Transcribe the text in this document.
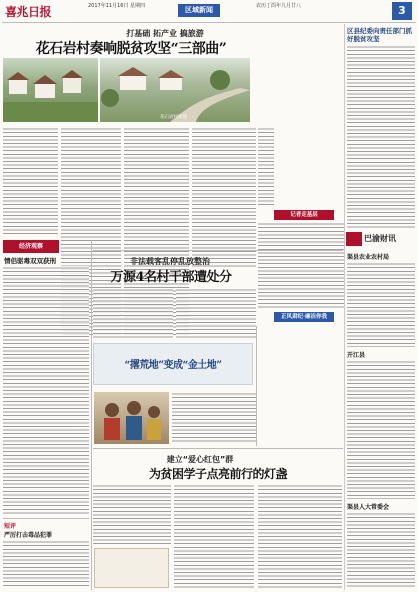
喜兆日报	2017年11月16日 星期四	区域新闻	农历丁酉年九月廿八	3
打基础 拓产业 搞旅游
花石岩村奏响脱贫攻坚“三部曲”
花石岩村新貌
经济观察
情侣驱毒双双获刑
短评
严厉打击毒品犯罪
记者走基层
正风肃纪·廉洁你我
非法载客乱停乱放整治
万源4名村干部遭处分
“撂荒地”变成“金土地”
建立“爱心红包”群
为贫困学子点亮前行的灯盏
区县纪委向责任部门抓好脱贫攻坚
巴渝财讯
渠县农业农村局
开江县
渠县人大常委会
